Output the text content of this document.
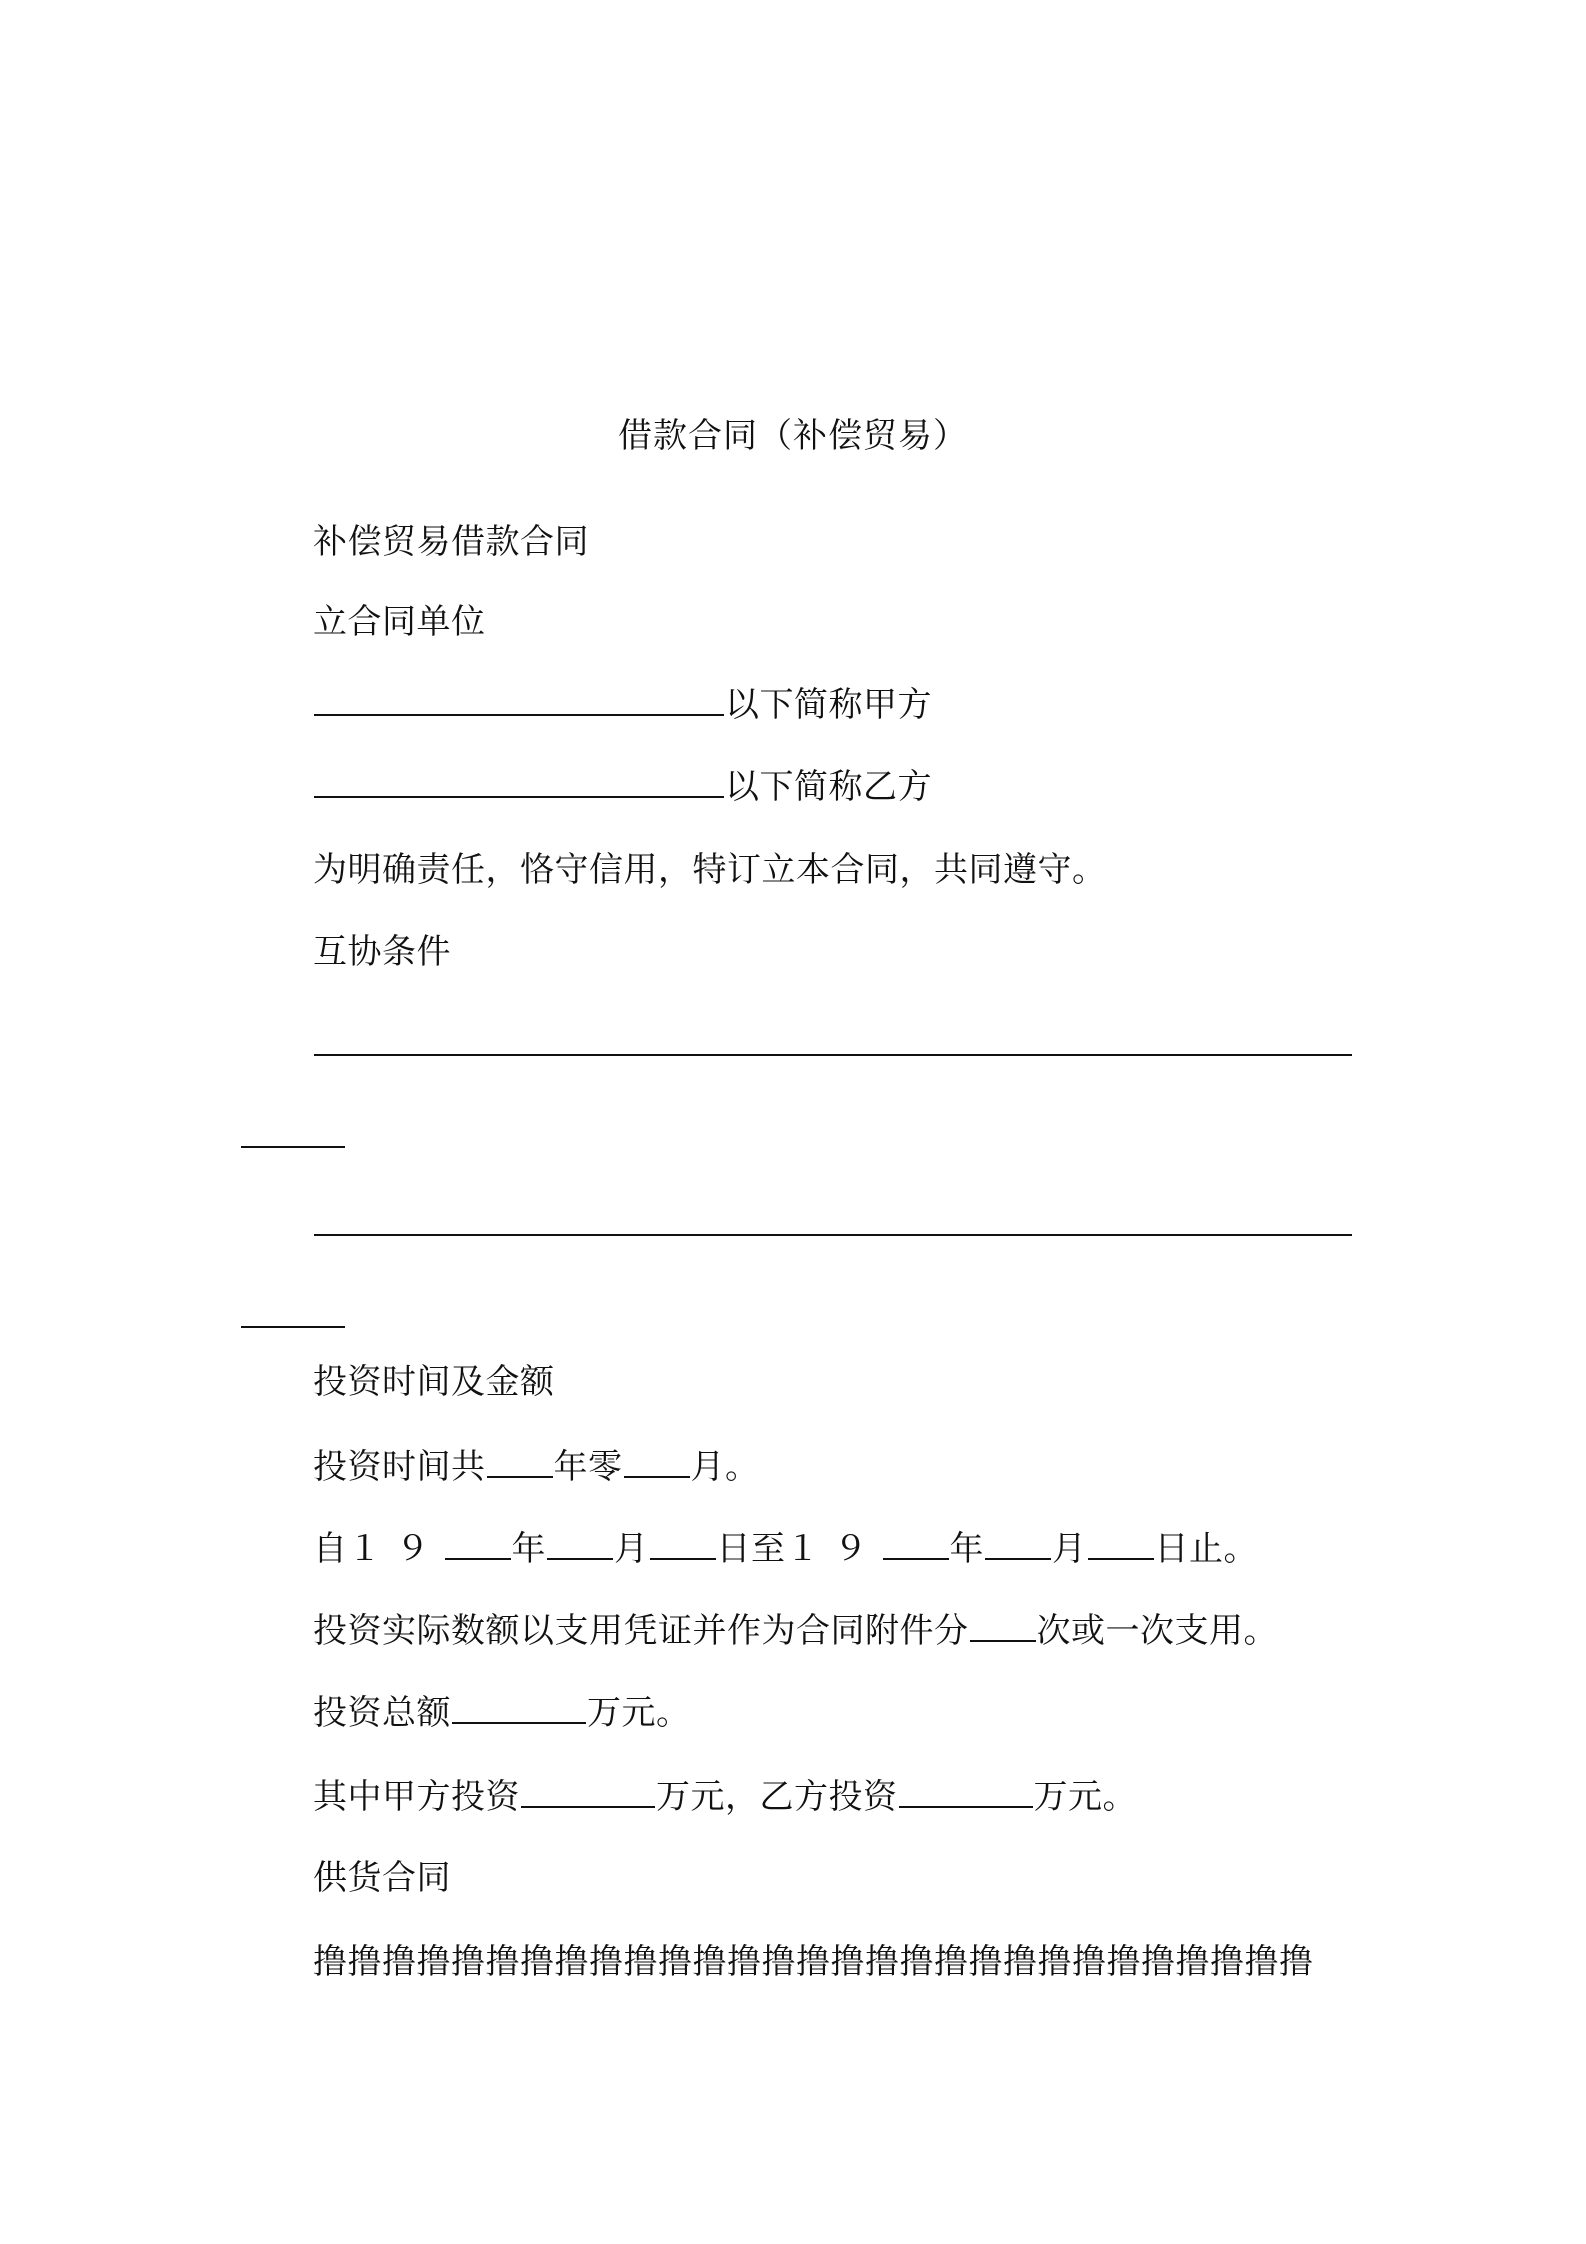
借款合同（补偿贸易）
补偿贸易借款合同
立合同单位
以下简称甲方
以下简称乙方
为明确责任，恪守信用，特订立本合同，共同遵守。
互协条件
投资时间及金额
投资时间共 年零 月。
自１９ 年 月 日至１９ 年 月 日止。
投资实际数额以支用凭证并作为合同附件分 次或一次支用。
投资总额	万元。
其中甲方投资	万元，乙方投资	万元。
供货合同
撸撸撸撸撸撸撸撸撸撸撸撸撸撸撸撸撸撸撸撸撸撸撸撸撸撸撸撸撸
